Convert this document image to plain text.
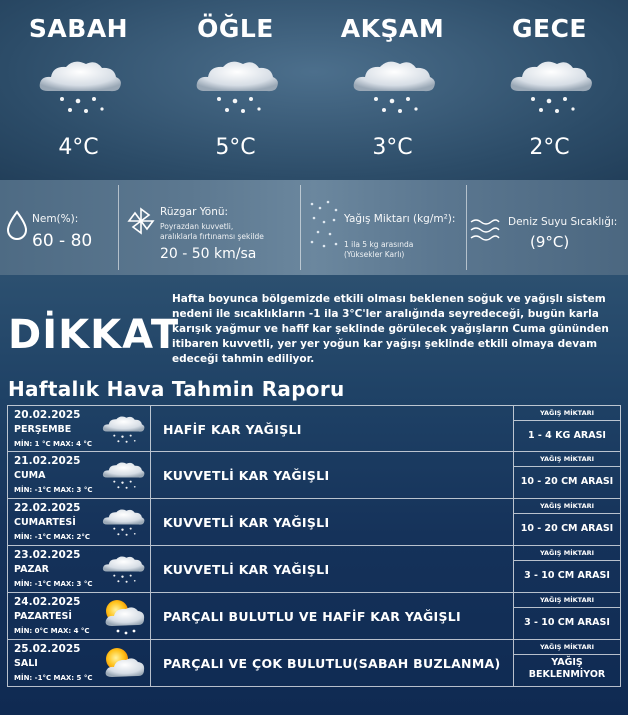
SABAH
4°C
ÖĞLE
5°C
AKŞAM
3°C
GECE
2°C
Nem(%):
60 - 80
Rüzgar Yönü:
Poyrazdan kuvvetli,
aralıklarla fırtınamsı şekilde
20 - 50 km/sa
Yağış Miktarı (kg/m²):
1 ila 5 kg arasında
(Yüksekler Karlı)
Deniz Suyu Sıcaklığı:
(9°C)
DİKKAT
Hafta boyunca bölgemizde etkili olması beklenen soğuk ve yağışlı sistem nedeni ile sıcaklıkların -1 ila 3°C'ler aralığında seyredeceği, bugün karla karışık yağmur ve hafif kar şeklinde görülecek yağışların Cuma gününden itibaren kuvvetli, yer yer yoğun kar yağışı şeklinde etkili olmaya devam edeceği tahmin ediliyor.
Haftalık Hava Tahmin Raporu
20.02.2025
PERŞEMBE
MİN: 1 °C MAX: 4 °C
HAFİF KAR YAĞIŞLI
YAĞIŞ MİKTARI
1 - 4 KG ARASI
21.02.2025
CUMA
MİN: -1°C MAX: 3 °C
KUVVETLİ KAR YAĞIŞLI
YAĞIŞ MİKTARI
10 - 20 CM ARASI
22.02.2025
CUMARTESİ
MİN: -1°C MAX: 2°C
KUVVETLİ KAR YAĞIŞLI
YAĞIŞ MİKTARI
10 - 20 CM ARASI
23.02.2025
PAZAR
MİN: -1°C MAX: 3 °C
KUVVETLİ KAR YAĞIŞLI
YAĞIŞ MİKTARI
3 - 10 CM ARASI
24.02.2025
PAZARTESİ
MİN: 0°C MAX: 4 °C
PARÇALI BULUTLU VE HAFİF KAR YAĞIŞLI
YAĞIŞ MİKTARI
3 - 10 CM ARASI
25.02.2025
SALI
MİN: -1°C MAX: 5 °C
PARÇALI VE ÇOK BULUTLU(SABAH BUZLANMA)
YAĞIŞ MİKTARI
YAĞIŞ
BEKLENMİYOR
